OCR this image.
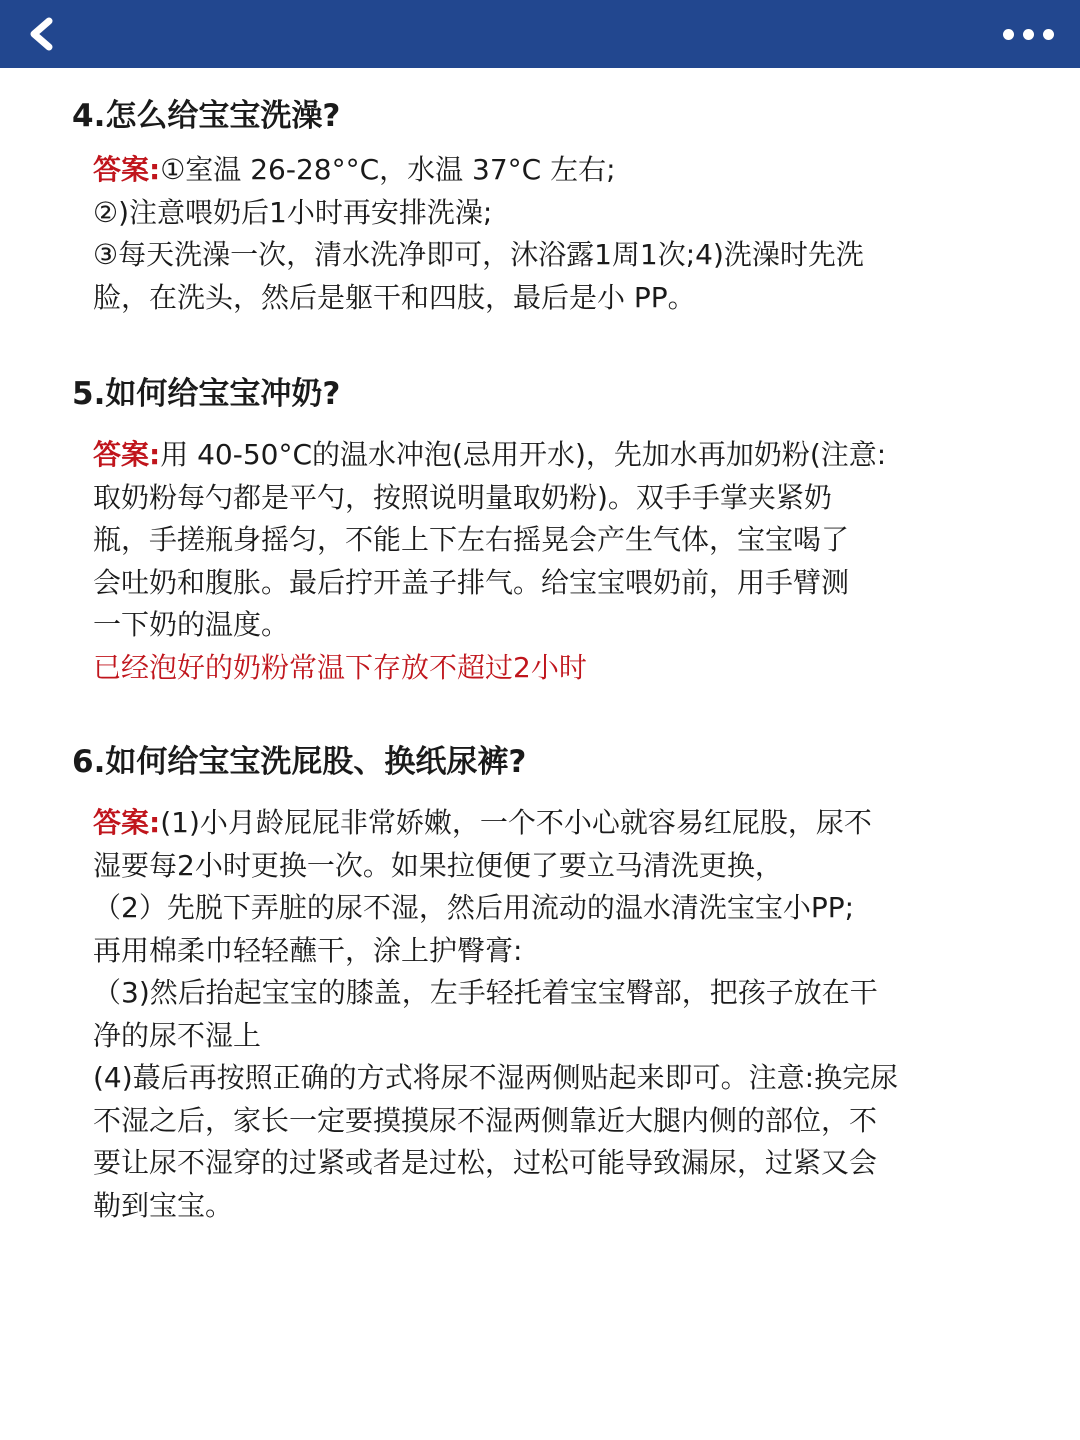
4.怎么给宝宝洗澡?
答案:①室温 26-28°°C，水温 37°C 左右;
②)注意喂奶后1小时再安排洗澡;
③每天洗澡一次，清水洗净即可，沐浴露1周1次;4)洗澡时先洗
脸，在洗头，然后是躯干和四肢，最后是小 PP。
5.如何给宝宝冲奶?
答案:用 40-50°C的温水冲泡(忌用开水)，先加水再加奶粉(注意:
取奶粉每勺都是平勺，按照说明量取奶粉)。双手手掌夹紧奶
瓶，手搓瓶身摇匀，不能上下左右摇晃会产生气体，宝宝喝了
会吐奶和腹胀。最后拧开盖子排气。给宝宝喂奶前，用手臂测
一下奶的温度。
已经泡好的奶粉常温下存放不超过2小时
6.如何给宝宝洗屁股、换纸尿裤?
答案:(1)小月龄屁屁非常娇嫩，一个不小心就容易红屁股，尿不
湿要每2小时更换一次。如果拉便便了要立马清洗更换，
（2）先脱下弄脏的尿不湿，然后用流动的温水清洗宝宝小PP;
再用棉柔巾轻轻蘸干，涂上护臀膏:
（3)然后抬起宝宝的膝盖，左手轻托着宝宝臀部，把孩子放在干
净的尿不湿上
(4)蕞后再按照正确的方式将尿不湿两侧贴起来即可。注意:换完尿
不湿之后，家长一定要摸摸尿不湿两侧靠近大腿内侧的部位，不
要让尿不湿穿的过紧或者是过松，过松可能导致漏尿，过紧又会
勒到宝宝。
